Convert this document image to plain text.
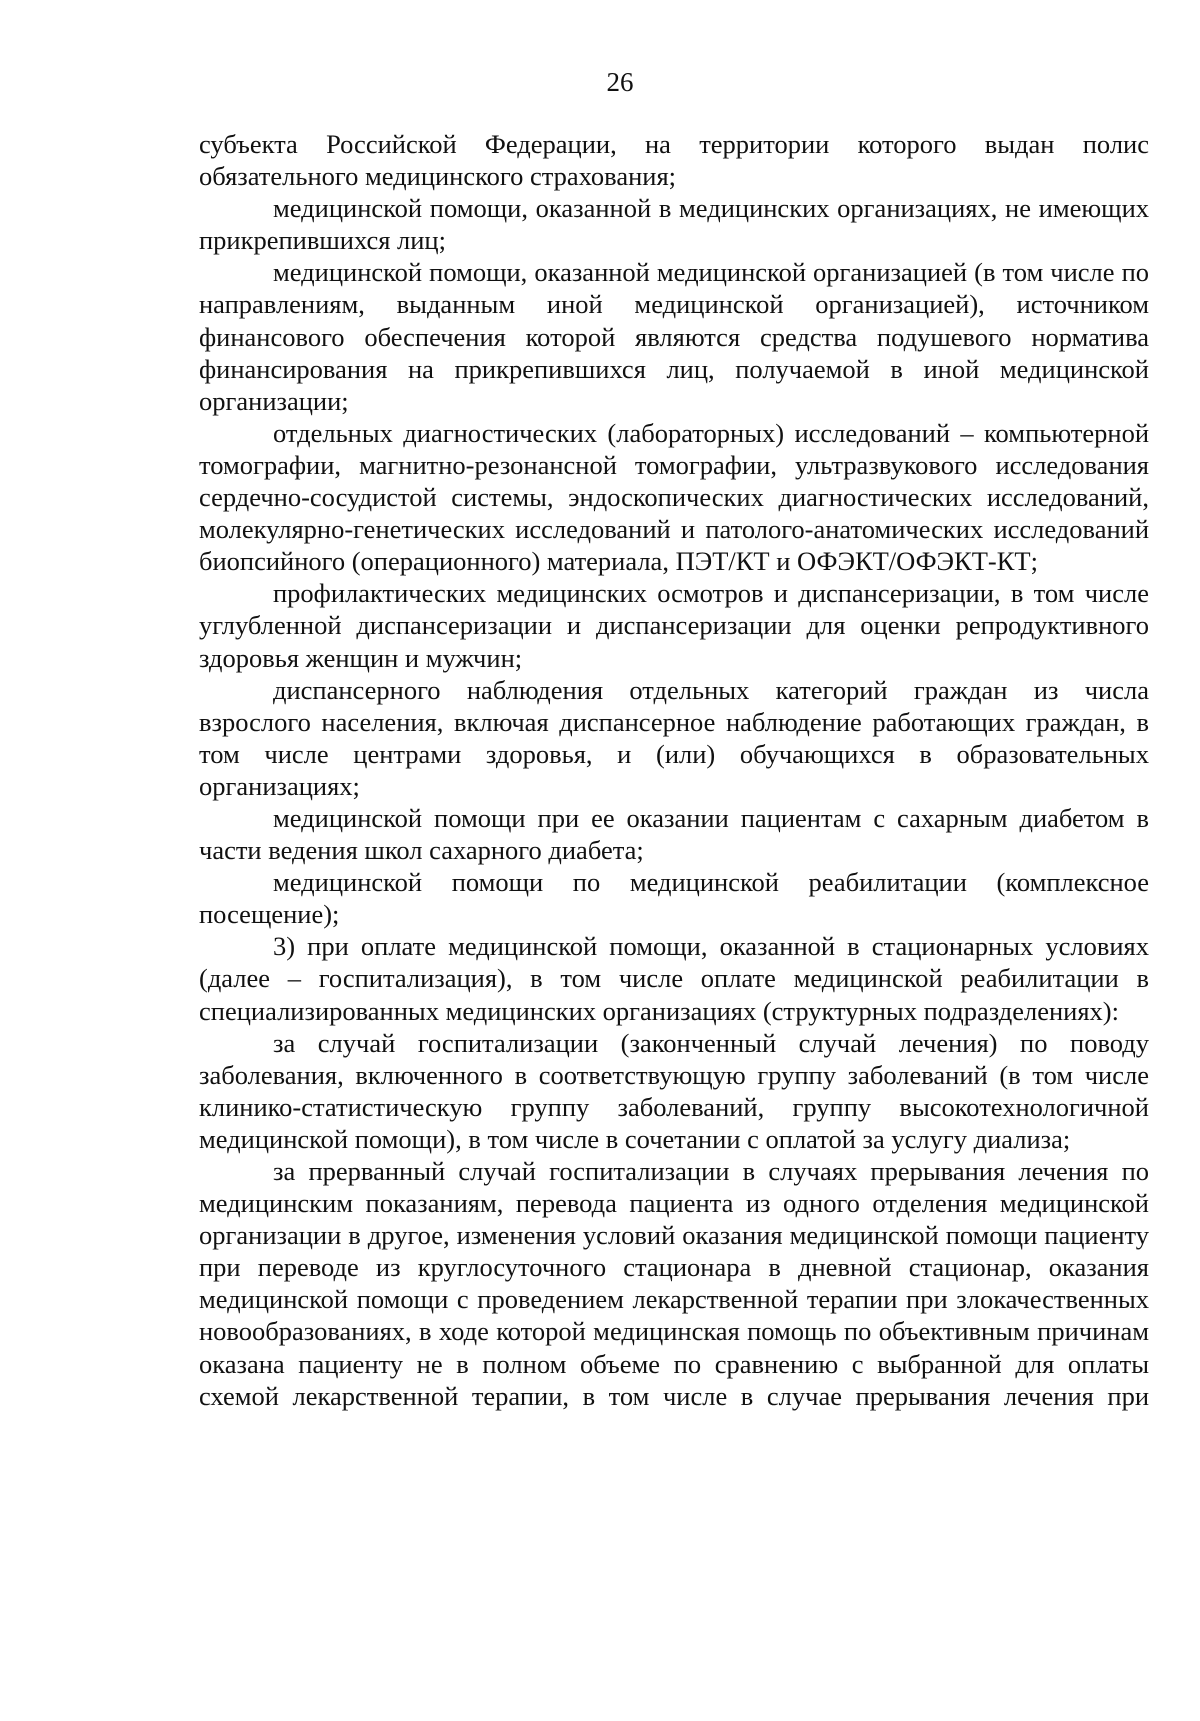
26

субъекта Российской Федерации, на территории которого выдан полис обязательного медицинского страхования;

медицинской помощи, оказанной в медицинских организациях, не имеющих прикрепившихся лиц;

медицинской помощи, оказанной медицинской организацией (в том числе по направлениям, выданным иной медицинской организацией), источником финансового обеспечения которой являются средства подушевого норматива финансирования на прикрепившихся лиц, получаемой в иной медицинской организации;

отдельных диагностических (лабораторных) исследований – компьютерной томографии, магнитно-резонансной томографии, ультразвукового исследования сердечно-сосудистой системы, эндоскопических диагностических исследований, молекулярно-генетических исследований и патолого-анатомических исследований биопсийного (операционного) материала, ПЭТ/КТ и ОФЭКТ/ОФЭКТ-КТ;

профилактических медицинских осмотров и диспансеризации, в том числе углубленной диспансеризации и диспансеризации для оценки репродуктивного здоровья женщин и мужчин;

диспансерного наблюдения отдельных категорий граждан из числа взрослого населения, включая диспансерное наблюдение работающих граждан, в том числе центрами здоровья, и (или) обучающихся в образовательных организациях;

медицинской помощи при ее оказании пациентам с сахарным диабетом в части ведения школ сахарного диабета;

медицинской помощи по медицинской реабилитации (комплексное посещение);

3) при оплате медицинской помощи, оказанной в стационарных условиях (далее – госпитализация), в том числе оплате медицинской реабилитации в специализированных медицинских организациях (структурных подразделениях):

за случай госпитализации (законченный случай лечения) по поводу заболевания, включенного в соответствующую группу заболеваний (в том числе клинико-статистическую группу заболеваний, группу высокотехнологичной медицинской помощи), в том числе в сочетании с оплатой за услугу диализа;

за прерванный случай госпитализации в случаях прерывания лечения по медицинским показаниям, перевода пациента из одного отделения медицинской организации в другое, изменения условий оказания медицинской помощи пациенту при переводе из круглосуточного стационара в дневной стационар, оказания медицинской помощи с проведением лекарственной терапии при злокачественных новообразованиях, в ходе которой медицинская помощь по объективным причинам оказана пациенту не в полном объеме по сравнению с выбранной для оплаты схемой лекарственной терапии, в том числе в случае прерывания лечения при
